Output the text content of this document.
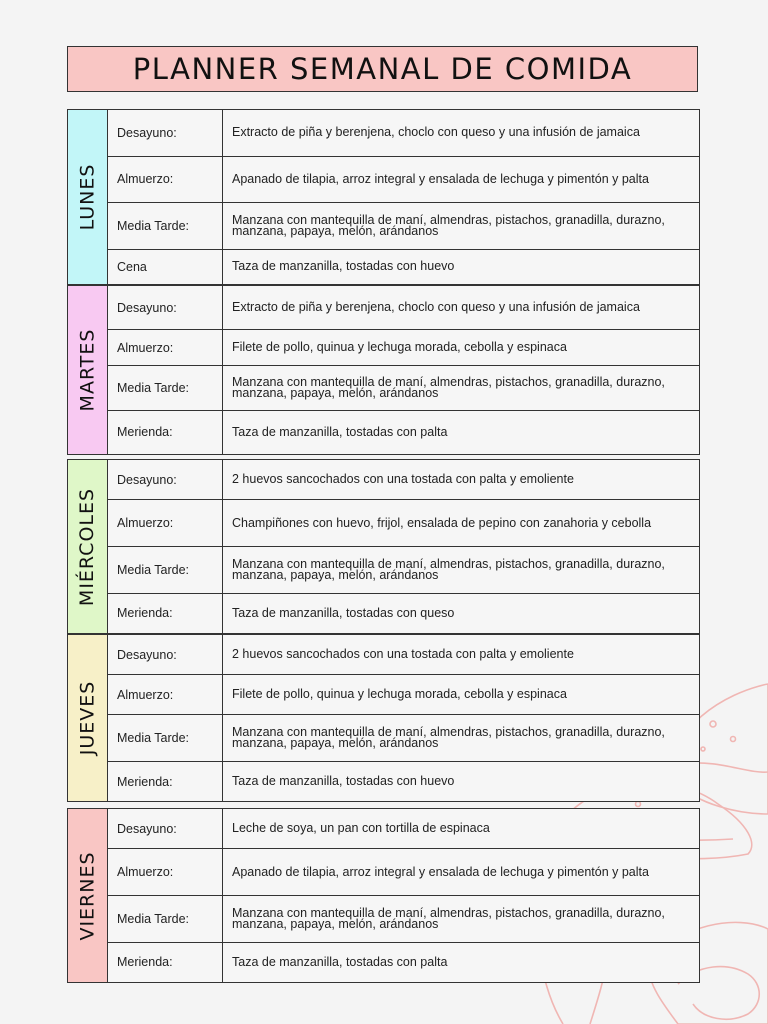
PLANNER SEMANAL DE COMIDA
LUNES
Desayuno:	Extracto de piña y berenjena, choclo con queso y una infusión de jamaica
Almuerzo:	Apanado de tilapia, arroz integral y ensalada de lechuga y pimentón y palta
Media Tarde:	Manzana con mantequilla de maní, almendras, pistachos, granadilla, durazno, manzana, papaya, melón, arándanos
Cena	Taza de manzanilla, tostadas con huevo
MARTES
Desayuno:	Extracto de piña y berenjena, choclo con queso y una infusión de jamaica
Almuerzo:	Filete de pollo, quinua y lechuga morada, cebolla y espinaca
Media Tarde:	Manzana con mantequilla de maní, almendras, pistachos, granadilla, durazno, manzana, papaya, melón, arándanos
Merienda:	Taza de manzanilla, tostadas con palta
MIÉRCOLES
Desayuno:	2 huevos sancochados con una tostada con palta y emoliente
Almuerzo:	Champiñones con huevo, frijol, ensalada de pepino con zanahoria y cebolla
Media Tarde:	Manzana con mantequilla de maní, almendras, pistachos, granadilla, durazno, manzana, papaya, melón, arándanos
Merienda:	Taza de manzanilla, tostadas con queso
JUEVES
Desayuno:	2 huevos sancochados con una tostada con palta y emoliente
Almuerzo:	Filete de pollo, quinua y lechuga morada, cebolla y espinaca
Media Tarde:	Manzana con mantequilla de maní, almendras, pistachos, granadilla, durazno, manzana, papaya, melón, arándanos
Merienda:	Taza de manzanilla, tostadas con huevo
VIERNES
Desayuno:	Leche de soya, un pan con tortilla de espinaca
Almuerzo:	Apanado de tilapia, arroz integral y ensalada de lechuga y pimentón y palta
Media Tarde:	Manzana con mantequilla de maní, almendras, pistachos, granadilla, durazno, manzana, papaya, melón, arándanos
Merienda:	Taza de manzanilla, tostadas con palta
